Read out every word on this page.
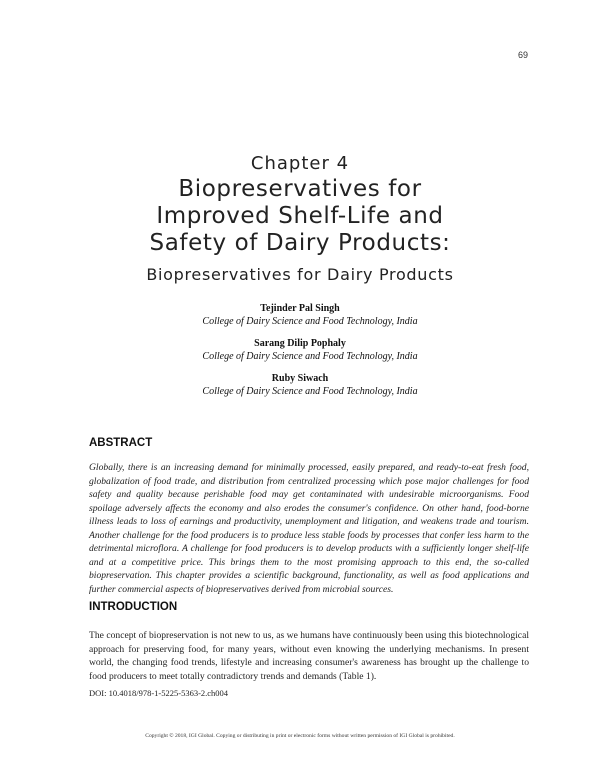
69
Chapter 4
Biopreservatives for
Improved Shelf-Life and
Safety of Dairy Products:
Biopreservatives for Dairy Products
Tejinder Pal Singh
College of Dairy Science and Food Technology, India
Sarang Dilip Pophaly
College of Dairy Science and Food Technology, India
Ruby Siwach
College of Dairy Science and Food Technology, India
ABSTRACT
Globally, there is an increasing demand for minimally processed, easily prepared, and ready-to-eat fresh food, globalization of food trade, and distribution from centralized processing which pose major challenges for food safety and quality because perishable food may get contaminated with undesirable microorganisms. Food spoilage adversely affects the economy and also erodes the consumer's confidence. On other hand, food-borne illness leads to loss of earnings and productivity, unemployment and litigation, and weakens trade and tourism. Another challenge for the food producers is to produce less stable foods by processes that confer less harm to the detrimental microflora. A challenge for food producers is to develop products with a sufficiently longer shelf-life and at a competitive price. This brings them to the most promising approach to this end, the so-called biopreservation. This chapter provides a scientific background, functionality, as well as food applications and further commercial aspects of biopreservatives derived from microbial sources.
INTRODUCTION
The concept of biopreservation is not new to us, as we humans have continuously been using this biotechnological approach for preserving food, for many years, without even knowing the underlying mechanisms. In present world, the changing food trends, lifestyle and increasing consumer's awareness has brought up the challenge to food producers to meet totally contradictory trends and demands (Table 1).
DOI: 10.4018/978-1-5225-5363-2.ch004
Copyright © 2018, IGI Global. Copying or distributing in print or electronic forms without written permission of IGI Global is prohibited.
